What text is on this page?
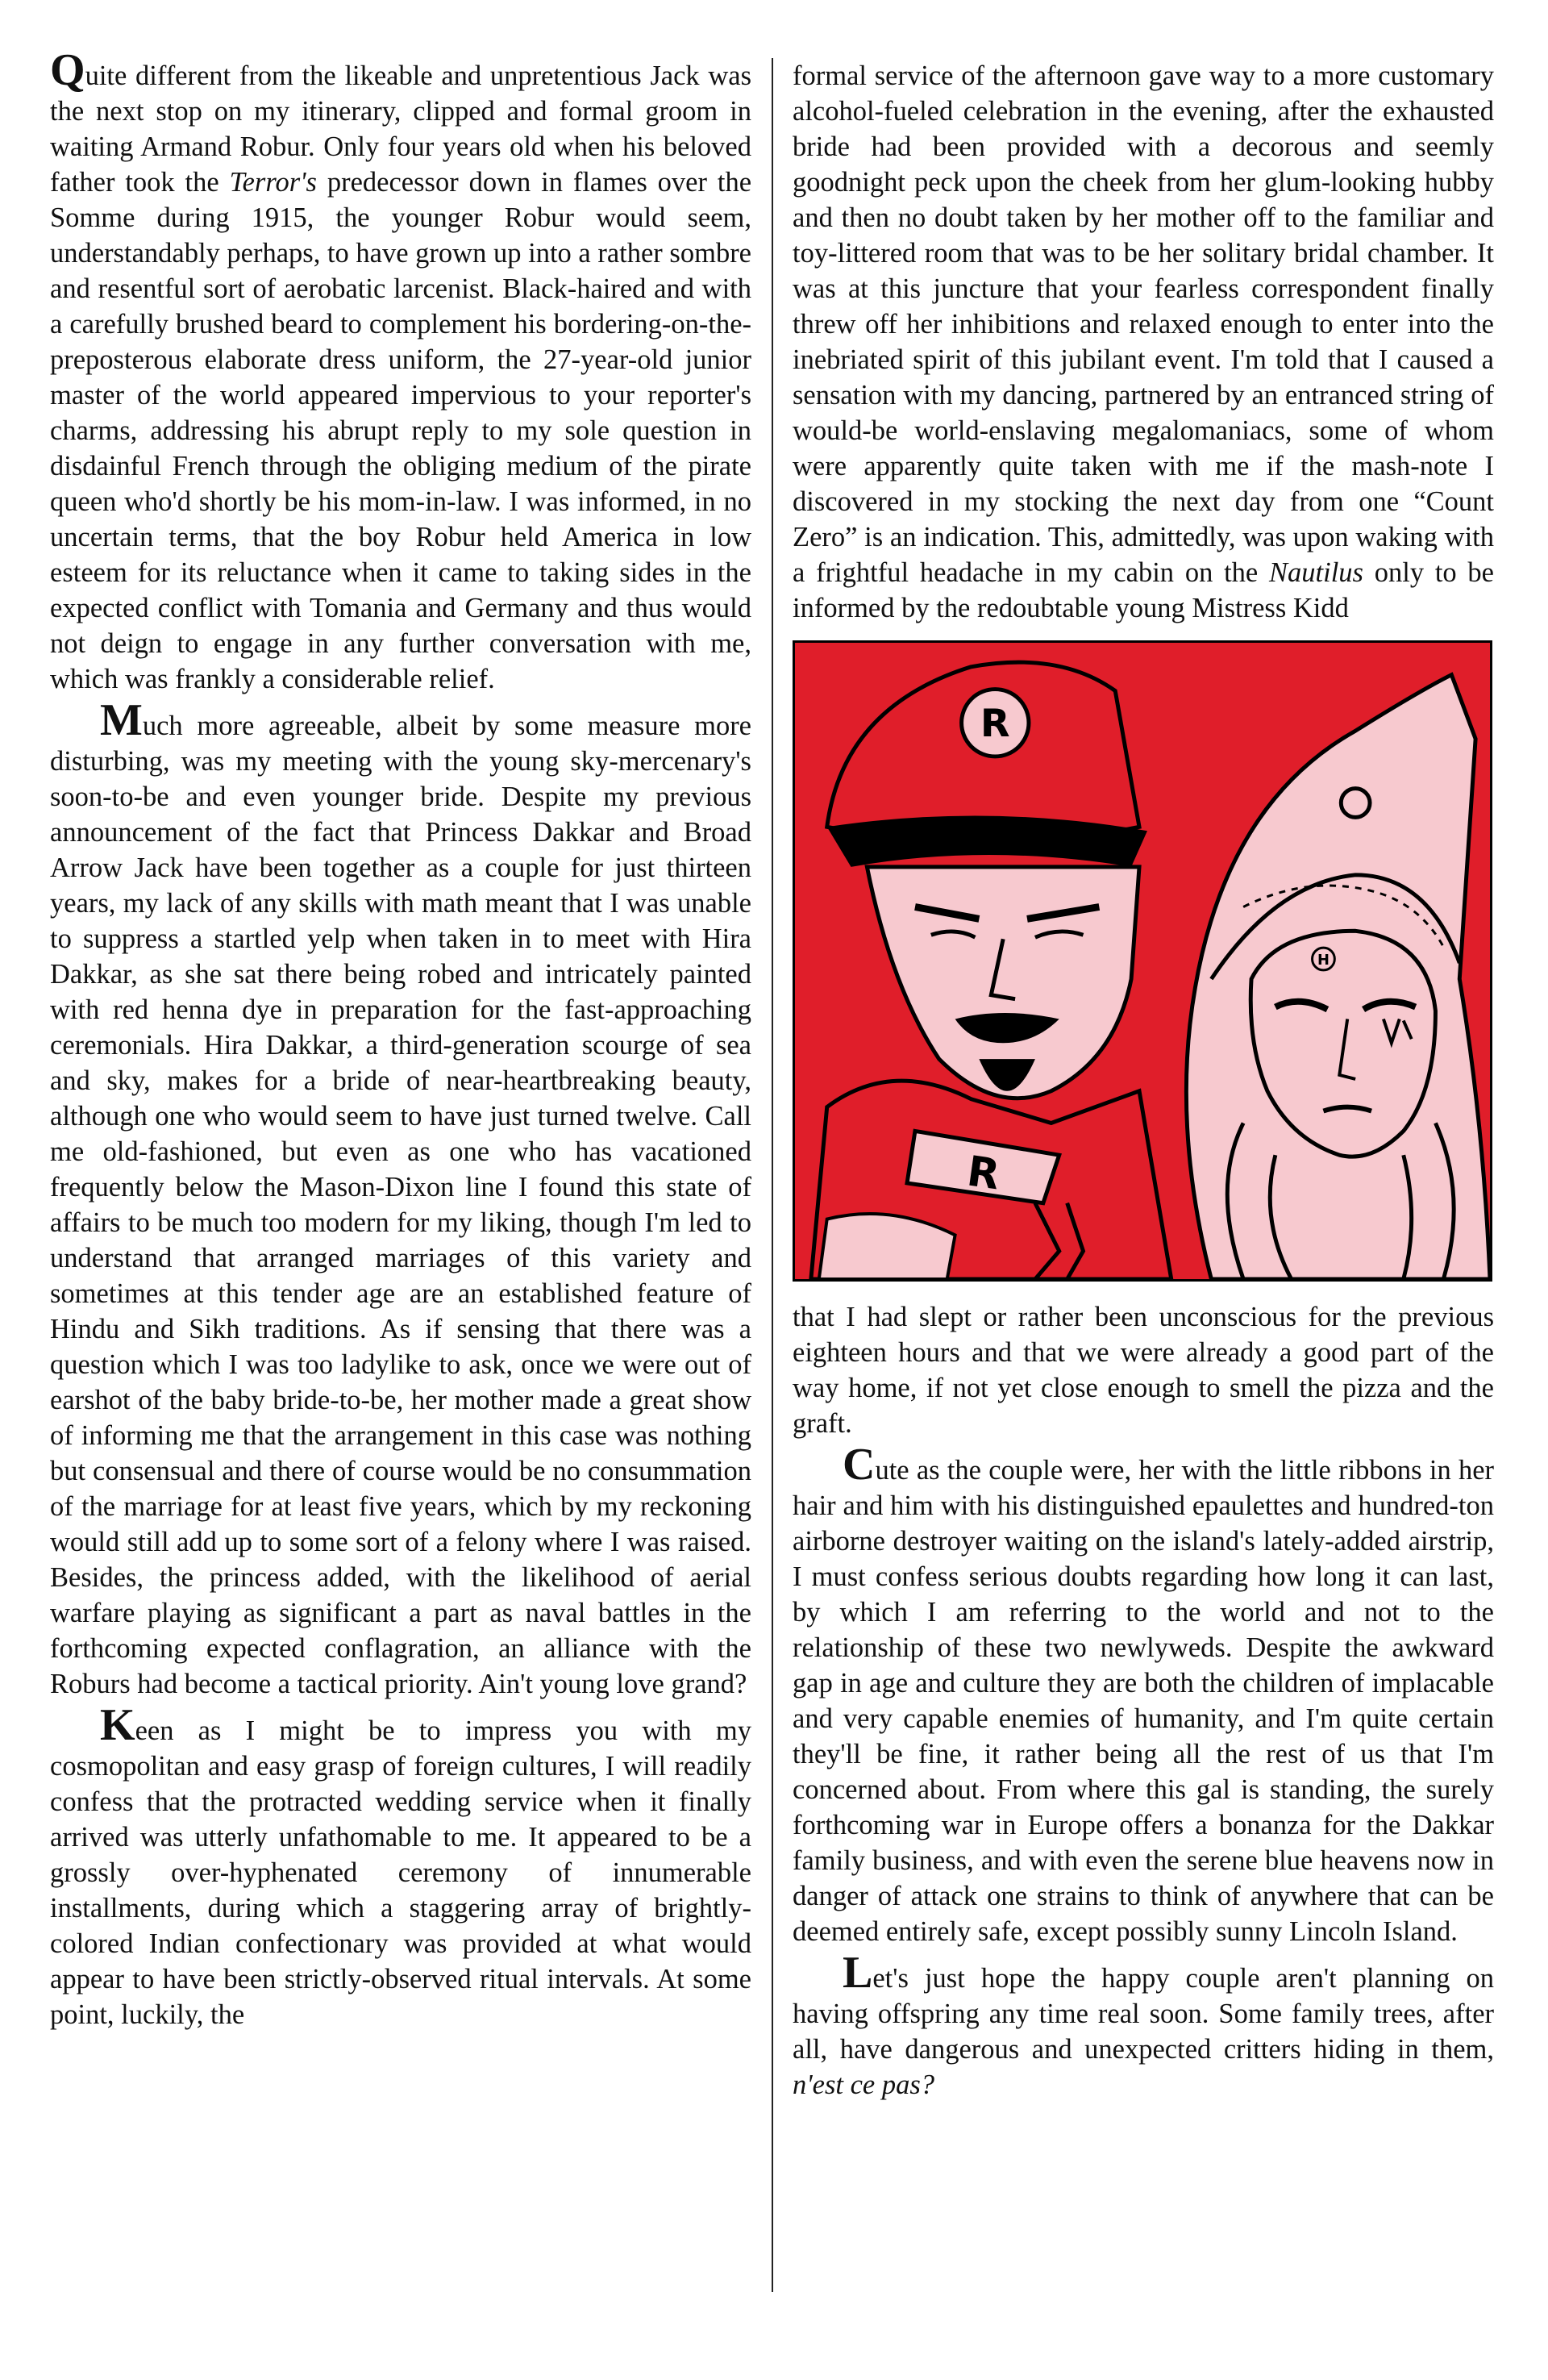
Quite different from the likeable and unpretentious Jack was the next stop on my itinerary, clipped and formal groom in waiting Armand Robur. Only four years old when his beloved father took the Terror's predecessor down in flames over the Somme during 1915, the younger Robur would seem, understandably perhaps, to have grown up into a rather sombre and resentful sort of aerobatic larcenist. Black-haired and with a carefully brushed beard to complement his bordering-on-the-preposterous elaborate dress uniform, the 27-year-old junior master of the world appeared impervious to your reporter's charms, addressing his abrupt reply to my sole question in disdainful French through the obliging medium of the pirate queen who'd shortly be his mom-in-law. I was informed, in no uncertain terms, that the boy Robur held America in low esteem for its reluctance when it came to taking sides in the expected conflict with Tomania and Germany and thus would not deign to engage in any further conversation with me, which was frankly a considerable relief.

Much more agreeable, albeit by some measure more disturbing, was my meeting with the young sky-mercenary's soon-to-be and even younger bride. Despite my previous announcement of the fact that Princess Dakkar and Broad Arrow Jack have been together as a couple for just thirteen years, my lack of any skills with math meant that I was unable to suppress a startled yelp when taken in to meet with Hira Dakkar, as she sat there being robed and intricately painted with red henna dye in preparation for the fast-approaching ceremonials. Hira Dakkar, a third-generation scourge of sea and sky, makes for a bride of near-heartbreaking beauty, although one who would seem to have just turned twelve. Call me old-fashioned, but even as one who has vacationed frequently below the Mason-Dixon line I found this state of affairs to be much too modern for my liking, though I'm led to understand that arranged marriages of this variety and sometimes at this tender age are an established feature of Hindu and Sikh traditions. As if sensing that there was a question which I was too ladylike to ask, once we were out of earshot of the baby bride-to-be, her mother made a great show of informing me that the arrangement in this case was nothing but consensual and there of course would be no consummation of the marriage for at least five years, which by my reckoning would still add up to some sort of a felony where I was raised. Besides, the princess added, with the likelihood of aerial warfare playing as significant a part as naval battles in the forthcoming expected conflagration, an alliance with the Roburs had become a tactical priority. Ain't young love grand?

Keen as I might be to impress you with my cosmopolitan and easy grasp of foreign cultures, I will readily confess that the protracted wedding service when it finally arrived was utterly unfathomable to me. It appeared to be a grossly over-hyphenated ceremony of innumerable installments, during which a staggering array of brightly-colored Indian confectionary was provided at what would appear to have been strictly-observed ritual intervals. At some point, luckily, the

formal service of the afternoon gave way to a more customary alcohol-fueled celebration in the evening, after the exhausted bride had been provided with a decorous and seemly goodnight peck upon the cheek from her glum-looking hubby and then no doubt taken by her mother off to the familiar and toy-littered room that was to be her solitary bridal chamber. It was at this juncture that your fearless correspondent finally threw off her inhibitions and relaxed enough to enter into the inebriated spirit of this jubilant event. I'm told that I caused a sensation with my dancing, partnered by an entranced string of would-be world-enslaving megalomaniacs, some of whom were apparently quite taken with me if the mash-note I discovered in my stocking the next day from one “Count Zero” is an indication. This, admittedly, was upon waking with a frightful headache in my cabin on the Nautilus only to be informed by the redoubtable young Mistress Kidd

R
R
H

that I had slept or rather been unconscious for the previous eighteen hours and that we were already a good part of the way home, if not yet close enough to smell the pizza and the graft.

Cute as the couple were, her with the little ribbons in her hair and him with his distinguished epaulettes and hundred-ton airborne destroyer waiting on the island's lately-added airstrip, I must confess serious doubts regarding how long it can last, by which I am referring to the world and not to the relationship of these two newlyweds. Despite the awkward gap in age and culture they are both the children of implacable and very capable enemies of humanity, and I'm quite certain they'll be fine, it rather being all the rest of us that I'm concerned about. From where this gal is standing, the surely forthcoming war in Europe offers a bonanza for the Dakkar family business, and with even the serene blue heavens now in danger of attack one strains to think of anywhere that can be deemed entirely safe, except possibly sunny Lincoln Island.

Let's just hope the happy couple aren't planning on having offspring any time real soon. Some family trees, after all, have dangerous and unexpected critters hiding in them, n'est ce pas?
